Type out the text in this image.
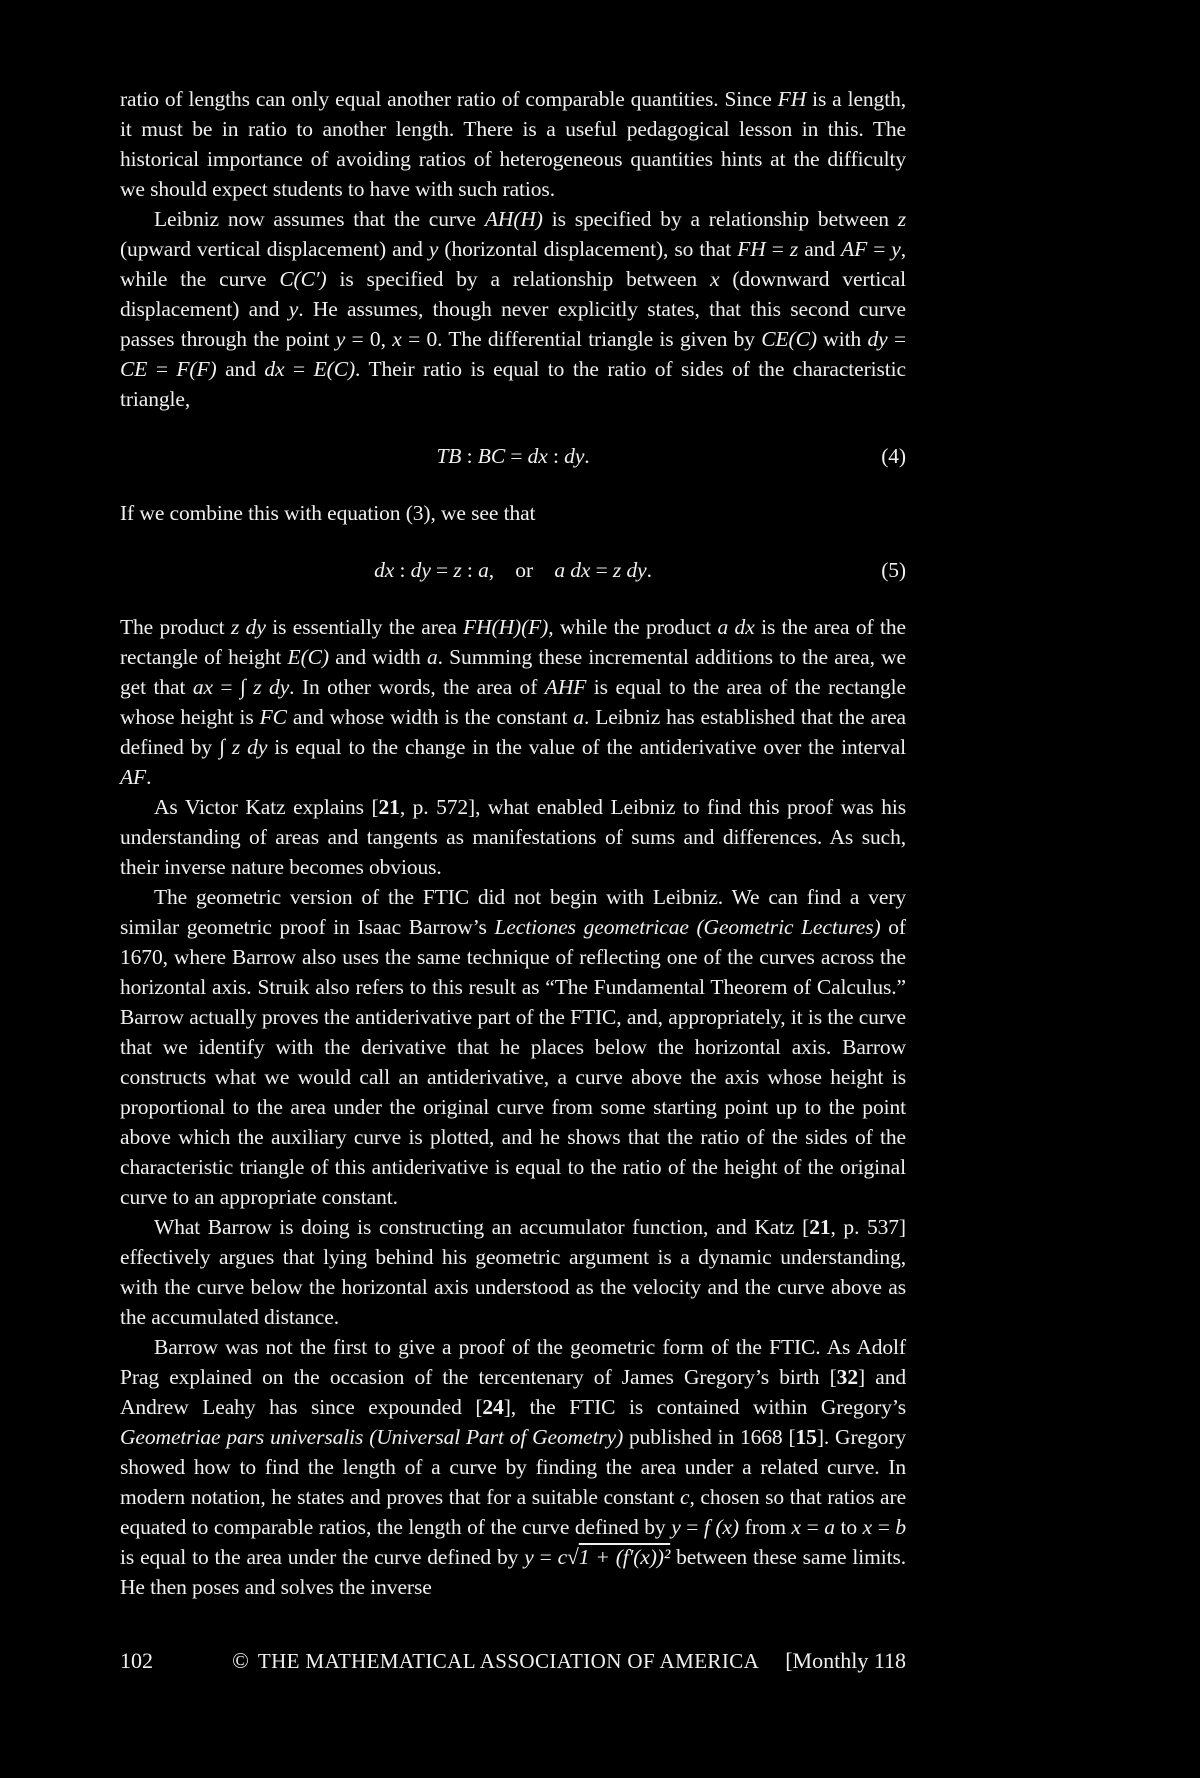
ratio of lengths can only equal another ratio of comparable quantities. Since FH is a length, it must be in ratio to another length. There is a useful pedagogical lesson in this. The historical importance of avoiding ratios of heterogeneous quantities hints at the difficulty we should expect students to have with such ratios.

Leibniz now assumes that the curve AH(H) is specified by a relationship between z (upward vertical displacement) and y (horizontal displacement), so that FH = z and AF = y, while the curve C(C′) is specified by a relationship between x (downward vertical displacement) and y. He assumes, though never explicitly states, that this second curve passes through the point y = 0, x = 0. The differential triangle is given by CE(C) with dy = CE = F(F) and dx = E(C). Their ratio is equal to the ratio of sides of the characteristic triangle,

TB : BC = dx : dy.	(4)

If we combine this with equation (3), we see that

dx : dy = z : a,  or  a dx = z dy.	(5)

The product z dy is essentially the area FH(H)(F), while the product a dx is the area of the rectangle of height E(C) and width a. Summing these incremental additions to the area, we get that ax = ∫ z dy. In other words, the area of AHF is equal to the area of the rectangle whose height is FC and whose width is the constant a. Leibniz has established that the area defined by ∫ z dy is equal to the change in the value of the antiderivative over the interval AF.

As Victor Katz explains [21, p. 572], what enabled Leibniz to find this proof was his understanding of areas and tangents as manifestations of sums and differences. As such, their inverse nature becomes obvious.

The geometric version of the FTIC did not begin with Leibniz. We can find a very similar geometric proof in Isaac Barrow’s Lectiones geometricae (Geometric Lectures) of 1670, where Barrow also uses the same technique of reflecting one of the curves across the horizontal axis. Struik also refers to this result as “The Fundamental Theorem of Calculus.” Barrow actually proves the antiderivative part of the FTIC, and, appropriately, it is the curve that we identify with the derivative that he places below the horizontal axis. Barrow constructs what we would call an antiderivative, a curve above the axis whose height is proportional to the area under the original curve from some starting point up to the point above which the auxiliary curve is plotted, and he shows that the ratio of the sides of the characteristic triangle of this antiderivative is equal to the ratio of the height of the original curve to an appropriate constant.

What Barrow is doing is constructing an accumulator function, and Katz [21, p. 537] effectively argues that lying behind his geometric argument is a dynamic understanding, with the curve below the horizontal axis understood as the velocity and the curve above as the accumulated distance.

Barrow was not the first to give a proof of the geometric form of the FTIC. As Adolf Prag explained on the occasion of the tercentenary of James Gregory’s birth [32] and Andrew Leahy has since expounded [24], the FTIC is contained within Gregory’s Geometriae pars universalis (Universal Part of Geometry) published in 1668 [15]. Gregory showed how to find the length of a curve by finding the area under a related curve. In modern notation, he states and proves that for a suitable constant c, chosen so that ratios are equated to comparable ratios, the length of the curve defined by y = f (x) from x = a to x = b is equal to the area under the curve defined by y = c√1 + (f′(x))² between these same limits. He then poses and solves the inverse

102	© THE MATHEMATICAL ASSOCIATION OF AMERICA [Monthly 118
